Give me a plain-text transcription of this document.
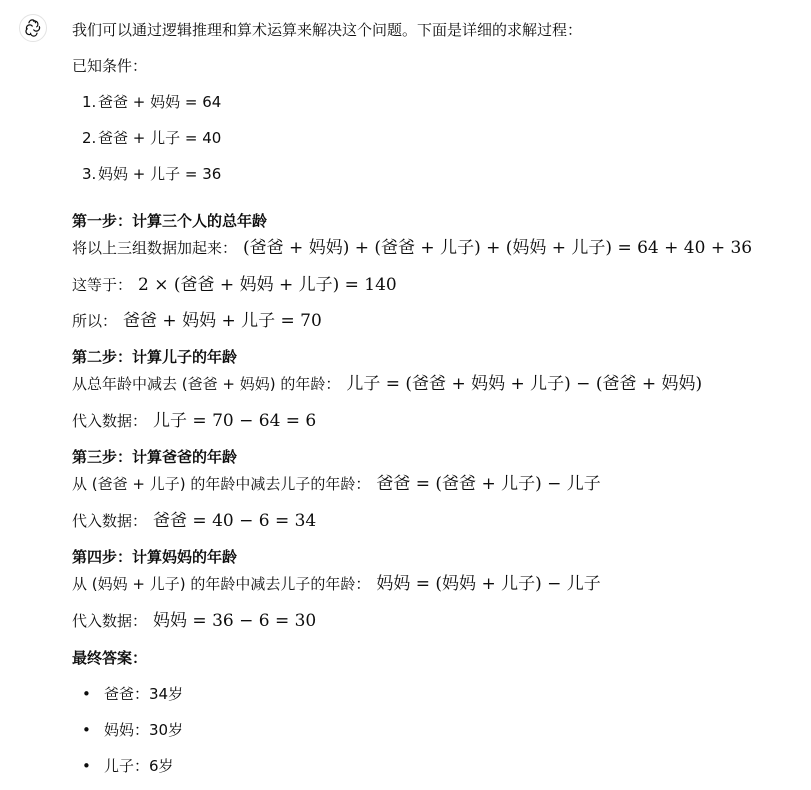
我们可以通过逻辑推理和算术运算来解决这个问题。下面是详细的求解过程：
已知条件：
1. 爸爸 + 妈妈 = 64
2. 爸爸 + 儿子 = 40
3. 妈妈 + 儿子 = 36
第一步：计算三个人的总年龄
将以上三组数据加起来： (爸爸 + 妈妈) + (爸爸 + 儿子) + (妈妈 + 儿子) = 64 + 40 + 36
这等于： 2 × (爸爸 + 妈妈 + 儿子) = 140
所以： 爸爸 + 妈妈 + 儿子 = 70
第二步：计算儿子的年龄
从总年龄中减去 (爸爸 + 妈妈) 的年龄： 儿子 = (爸爸 + 妈妈 + 儿子) − (爸爸 + 妈妈)
代入数据： 儿子 = 70 − 64 = 6
第三步：计算爸爸的年龄
从 (爸爸 + 儿子) 的年龄中减去儿子的年龄： 爸爸 = (爸爸 + 儿子) − 儿子
代入数据： 爸爸 = 40 − 6 = 34
第四步：计算妈妈的年龄
从 (妈妈 + 儿子) 的年龄中减去儿子的年龄： 妈妈 = (妈妈 + 儿子) − 儿子
代入数据： 妈妈 = 36 − 6 = 30
最终答案：
• 爸爸：34岁
• 妈妈：30岁
• 儿子：6岁
